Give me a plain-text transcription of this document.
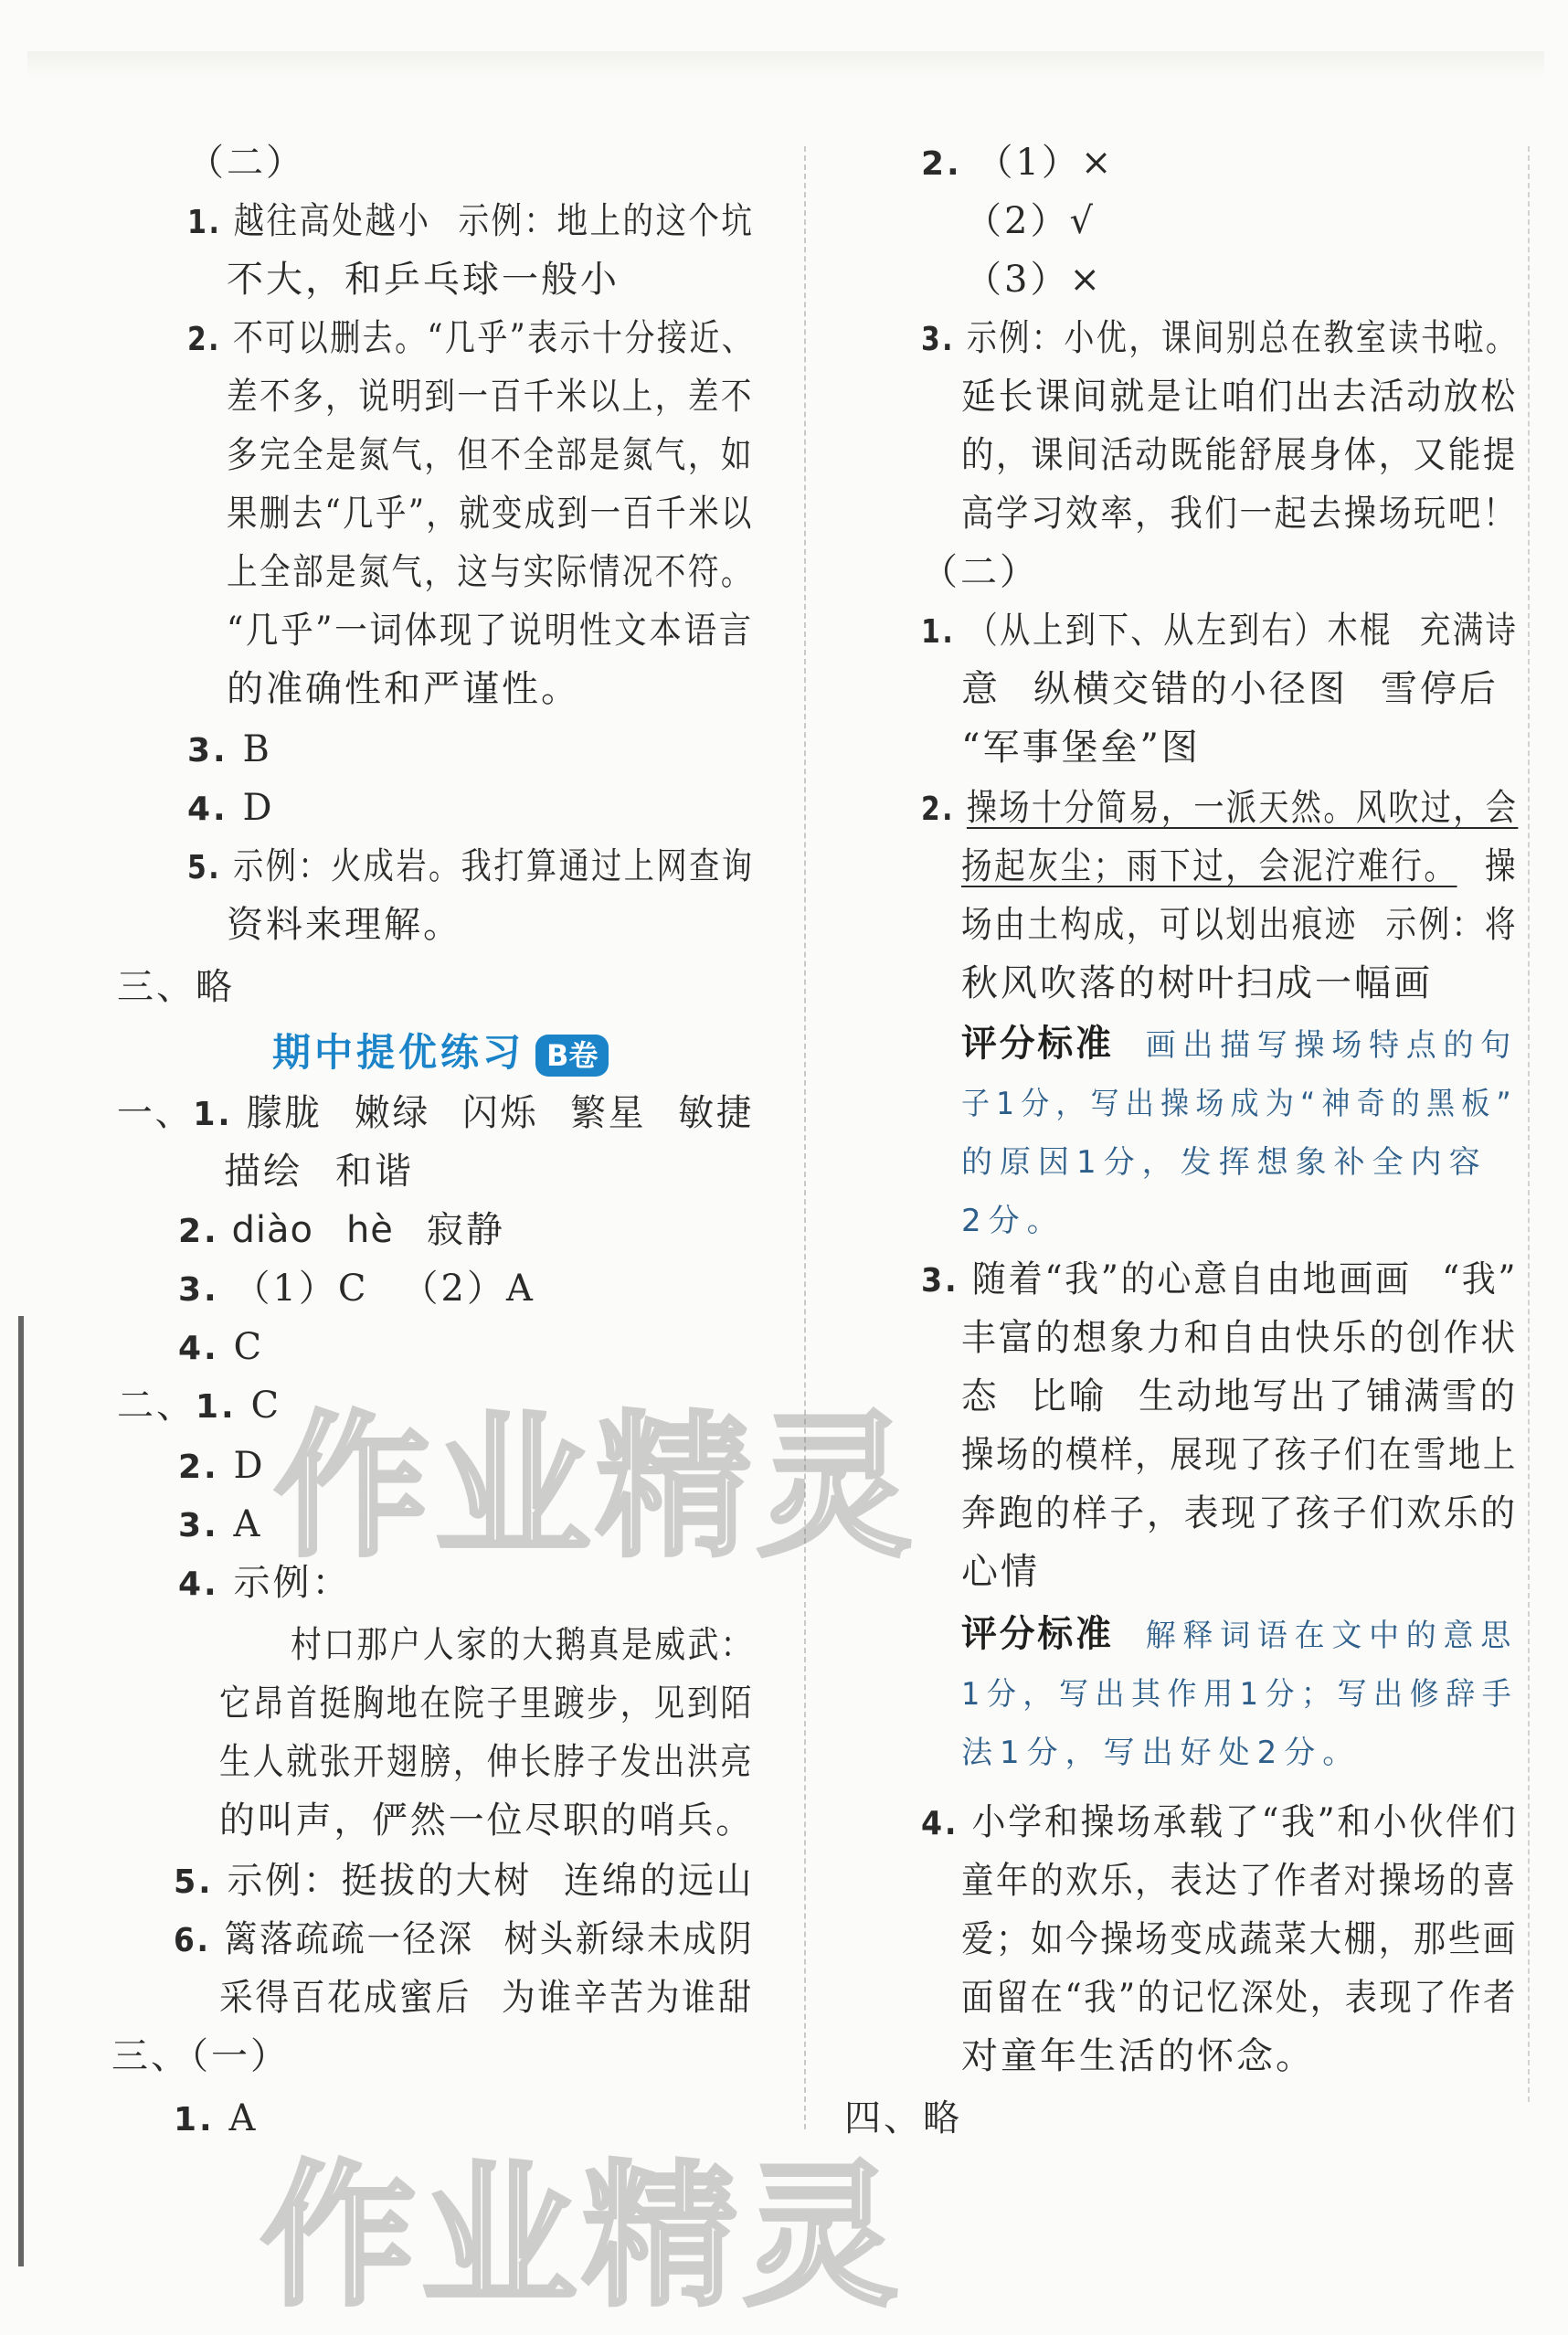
（二）
1. 越往高处越小 示例：地上的这个坑
不大，和乒乓球一般小
2. 不可以删去。“几乎”表示十分接近、
差不多，说明到一百千米以上，差不
多完全是氮气，但不全部是氮气，如
果删去“几乎”，就变成到一百千米以
上全部是氮气，这与实际情况不符。
“几乎”一词体现了说明性文本语言
的准确性和严谨性。
3. B
4. D
5. 示例：火成岩。我打算通过上网查询
资料来理解。
三、略
一、1. 朦胧 嫩绿 闪烁 繁星 敏捷
描绘 和谐
2. diào hè 寂静
3. （1）C （2）A
4. C
二、1. C
2. D
3. A
4. 示例：
村口那户人家的大鹅真是威武：
它昂首挺胸地在院子里踱步，见到陌
生人就张开翅膀，伸长脖子发出洪亮
的叫声，俨然一位尽职的哨兵。
5. 示例：挺拔的大树 连绵的远山
6. 篱落疏疏一径深 树头新绿未成阴
采得百花成蜜后 为谁辛苦为谁甜
三、（一）
1. A
期中提优练习 B卷
2. （1）×
（2）√
（3）×
3. 示例：小优，课间别总在教室读书啦。
延长课间就是让咱们出去活动放松
的，课间活动既能舒展身体，又能提
高学习效率，我们一起去操场玩吧！
（二）
1. （从上到下、从左到右）木棍 充满诗
意 纵横交错的小径图 雪停后
“军事堡垒”图
2. 操场十分简易，一派天然。风吹过，会
扬起灰尘；雨下过，会泥泞难行。 操
场由土构成，可以划出痕迹 示例：将
秋风吹落的树叶扫成一幅画
评分标准 画出描写操场特点的句
子1分，写出操场成为“神奇的黑板”
的原因1分，发挥想象补全内容
2分。
3. 随着“我”的心意自由地画画 “我”
丰富的想象力和自由快乐的创作状
态 比喻 生动地写出了铺满雪的
操场的模样，展现了孩子们在雪地上
奔跑的样子，表现了孩子们欢乐的
心情
评分标准 解释词语在文中的意思
1分，写出其作用1分；写出修辞手
法1分，写出好处2分。
4. 小学和操场承载了“我”和小伙伴们
童年的欢乐，表达了作者对操场的喜
爱；如今操场变成蔬菜大棚，那些画
面留在“我”的记忆深处，表现了作者
对童年生活的怀念。
四、略
作业精灵
作业精灵
